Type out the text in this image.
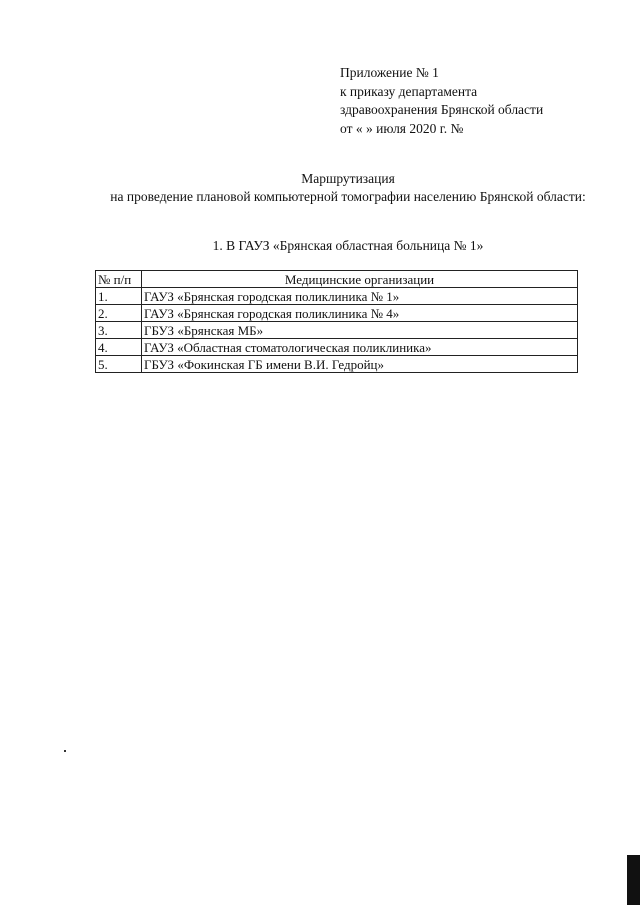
Приложение № 1
к приказу департамента
здравоохранения Брянской области
от « » июля 2020 г. №
Маршрутизация
на проведение плановой компьютерной томографии населению Брянской области:
1. В ГАУЗ «Брянская областная больница № 1»
№ п/п	Медицинские организации
1.	ГАУЗ «Брянская городская поликлиника № 1»
2.	ГАУЗ «Брянская городская поликлиника № 4»
3.	ГБУЗ «Брянская МБ»
4.	ГАУЗ «Областная стоматологическая поликлиника»
5.	ГБУЗ «Фокинская ГБ имени В.И. Гедройц»
